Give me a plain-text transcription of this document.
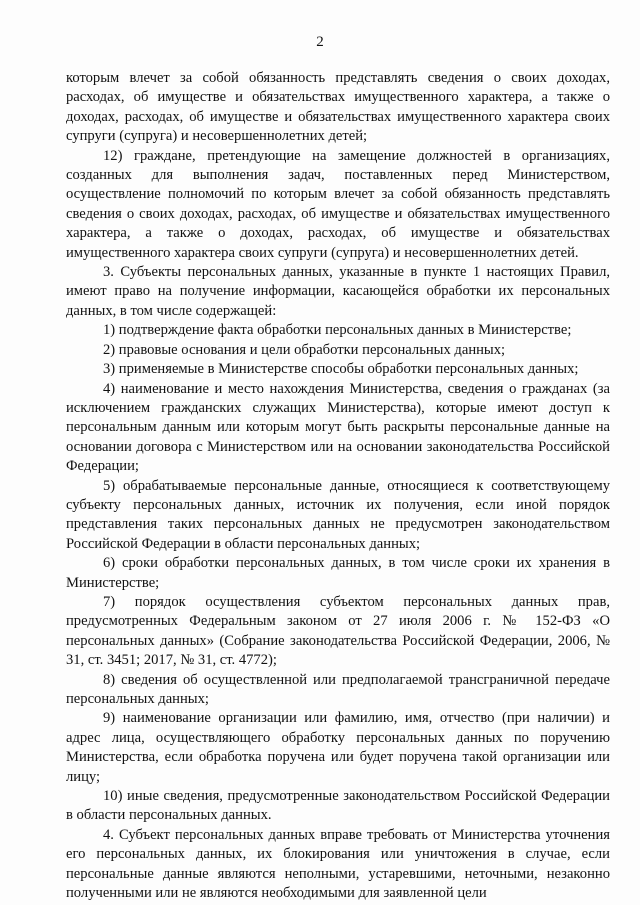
2

которым влечет за собой обязанность представлять сведения о своих доходах, расходах, об имуществе и обязательствах имущественного характера, а также о доходах, расходах, об имуществе и обязательствах имущественного характера своих супруги (супруга) и несовершеннолетних детей;

12) граждане, претендующие на замещение должностей в организациях, созданных для выполнения задач, поставленных перед Министерством, осуществление полномочий по которым влечет за собой обязанность представлять сведения о своих доходах, расходах, об имуществе и обязательствах имущественного характера, а также о доходах, расходах, об имуществе и обязательствах имущественного характера своих супруги (супруга) и несовершеннолетних детей.

3. Субъекты персональных данных, указанные в пункте 1 настоящих Правил, имеют право на получение информации, касающейся обработки их персональных данных, в том числе содержащей:

1) подтверждение факта обработки персональных данных в Министерстве;

2) правовые основания и цели обработки персональных данных;

3) применяемые в Министерстве способы обработки персональных данных;

4) наименование и место нахождения Министерства, сведения о гражданах (за исключением гражданских служащих Министерства), которые имеют доступ к персональным данным или которым могут быть раскрыты персональные данные на основании договора с Министерством или на основании законодательства Российской Федерации;

5) обрабатываемые персональные данные, относящиеся к соответствующему субъекту персональных данных, источник их получения, если иной порядок представления таких персональных данных не предусмотрен законодательством Российской Федерации в области персональных данных;

6) сроки обработки персональных данных, в том числе сроки их хранения в Министерстве;

7) порядок осуществления субъектом персональных данных прав, предусмотренных Федеральным законом от 27 июля 2006 г. № 152-ФЗ «О персональных данных» (Собрание законодательства Российской Федерации, 2006, № 31, ст. 3451; 2017, № 31, ст. 4772);

8) сведения об осуществленной или предполагаемой трансграничной передаче персональных данных;

9) наименование организации или фамилию, имя, отчество (при наличии) и адрес лица, осуществляющего обработку персональных данных по поручению Министерства, если обработка поручена или будет поручена такой организации или лицу;

10) иные сведения, предусмотренные законодательством Российской Федерации в области персональных данных.

4. Субъект персональных данных вправе требовать от Министерства уточнения его персональных данных, их блокирования или уничтожения в случае, если персональные данные являются неполными, устаревшими, неточными, незаконно полученными или не являются необходимыми для заявленной цели
